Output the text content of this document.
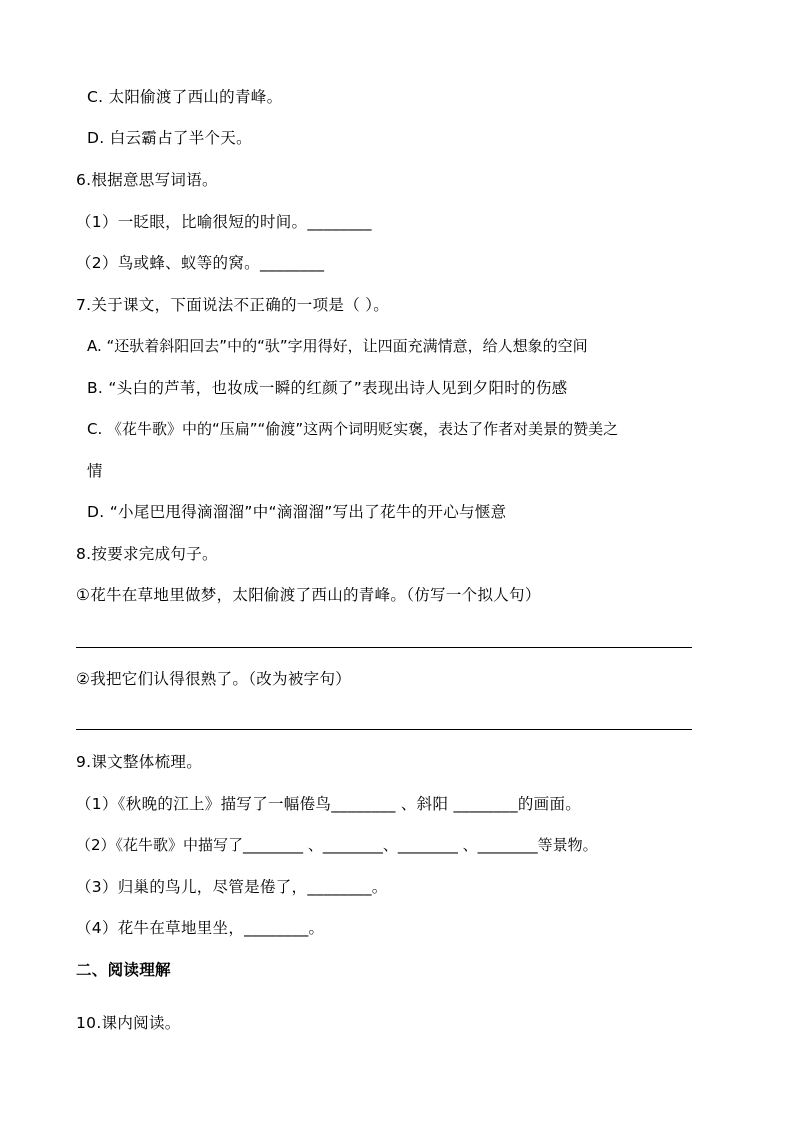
C. 太阳偷渡了西山的青峰。
D. 白云霸占了半个天。
6.根据意思写词语。
（1）一眨眼，比喻很短的时间。________
（2）鸟或蜂、蚁等的窝。________
7.关于课文，下面说法不正确的一项是（ ）。
A. “还驮着斜阳回去”中的“驮”字用得好，让四面充满情意，给人想象的空间
B. “头白的芦苇，也妆成一瞬的红颜了”表现出诗人见到夕阳时的伤感
C. 《花牛歌》中的“压扁”“偷渡”这两个词明贬实褒，表达了作者对美景的赞美之
情
D. “小尾巴甩得滴溜溜”中“滴溜溜”写出了花牛的开心与惬意
8.按要求完成句子。
①花牛在草地里做梦，太阳偷渡了西山的青峰。（仿写一个拟人句）
②我把它们认得很熟了。（改为被字句）
9.课文整体梳理。
（1）《秋晚的江上》描写了一幅倦鸟________ 、斜阳 ________的画面。
（2）《花牛歌》中描写了________ 、________、________ 、________等景物。
（3）归巢的鸟儿，尽管是倦了，________。
（4）花牛在草地里坐，________。
二、阅读理解
10.课内阅读。
